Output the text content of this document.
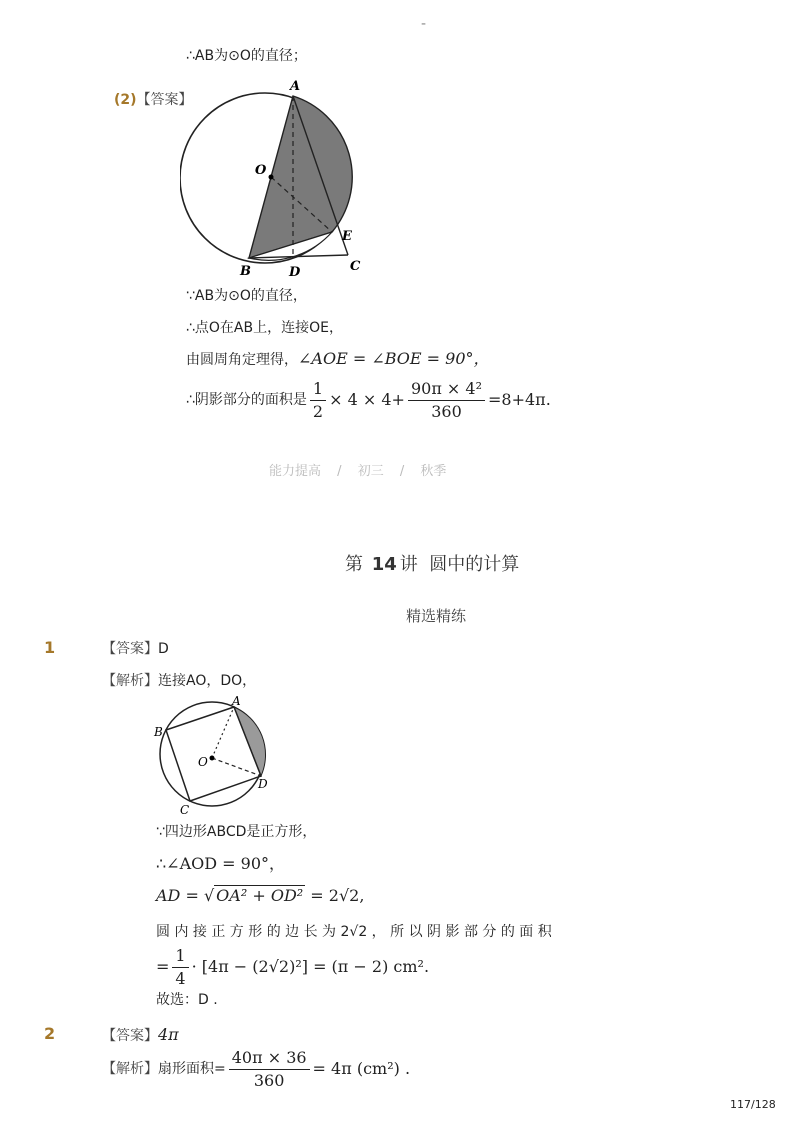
-
∴AB为⊙O的直径；
(2)【答案】
A
O
E
B	D	C
∵AB为⊙O的直径，
∴点O在AB上，连接OE，
由圆周角定理得，∠AOE = ∠BOE = 90°，
∴阴影部分的面积是 $\frac{1}{2} \times 4 \times 4+ \frac{\text{90π × 4²}}{360} =8+4\pi$.
能力提高 / 初三 / 秋季
第 14 讲  圆中的计算
精选精练
1	【答案】D
【解析】连接AO，DO，
A
B
O
C
D
∵四边形ABCD是正方形，
∴∠AOD = 90°，
AD = √ OA² + OD² = 2√2,
圆 内 接 正 方 形 的 边 长 为 2√2 ， 所 以 阴 影 部 分 的 面 积
= $\frac{1}{4} \cdot [4\pi - (2√2)^2] = (\pi - 2)$ cm².
故选：D .
2	【答案】4π
【解析】 扇形面积= $\frac{40\pi \times 36}{360} = 4\pi$ (cm²) .
117/128
